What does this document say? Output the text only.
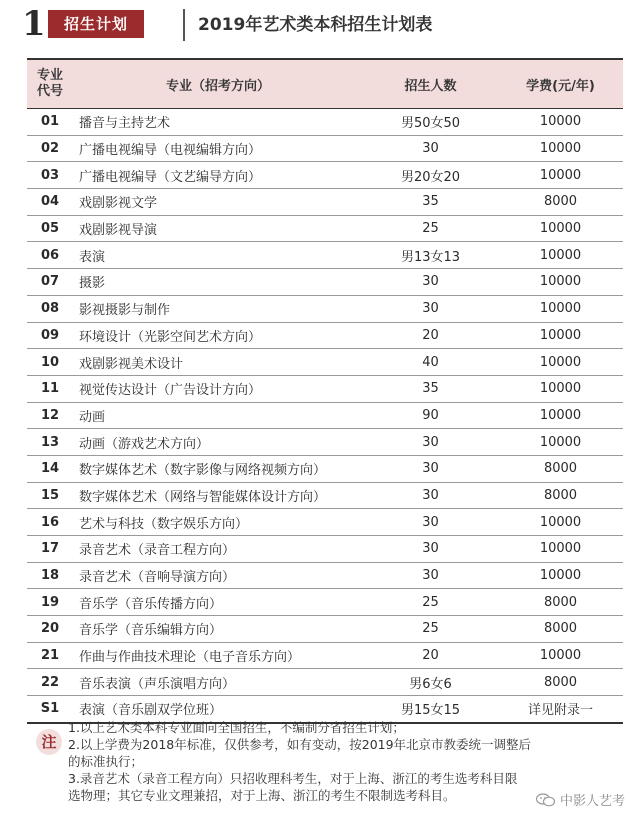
1	招生计划	2019年艺术类本科招生计划表
专业代号	专业（招考方向）	招生人数	学费(元/年)
01	播音与主持艺术	男50女50	10000
02	广播电视编导（电视编辑方向）	30	10000
03	广播电视编导（文艺编导方向）	男20女20	10000
04	戏剧影视文学	35	8000
05	戏剧影视导演	25	10000
06	表演	男13女13	10000
07	摄影	30	10000
08	影视摄影与制作	30	10000
09	环境设计（光影空间艺术方向）	20	10000
10	戏剧影视美术设计	40	10000
11	视觉传达设计（广告设计方向）	35	10000
12	动画	90	10000
13	动画（游戏艺术方向）	30	10000
14	数字媒体艺术（数字影像与网络视频方向）	30	8000
15	数字媒体艺术（网络与智能媒体设计方向）	30	8000
16	艺术与科技（数字娱乐方向）	30	10000
17	录音艺术（录音工程方向）	30	10000
18	录音艺术（音响导演方向）	30	10000
19	音乐学（音乐传播方向）	25	8000
20	音乐学（音乐编辑方向）	25	8000
21	作曲与作曲技术理论（电子音乐方向）	20	10000
22	音乐表演（声乐演唱方向）	男6女6	8000
S1	表演（音乐剧双学位班）	男15女15	详见附录一
注
1.以上艺术类本科专业面向全国招生，不编制分省招生计划；
2.以上学费为2018年标准，仅供参考，如有变动，按2019年北京市教委统一调整后
的标准执行；
3.录音艺术（录音工程方向）只招收理科考生，对于上海、浙江的考生选考科目限
选物理；其它专业文理兼招，对于上海、浙江的考生不限制选考科目。	中影人艺考
